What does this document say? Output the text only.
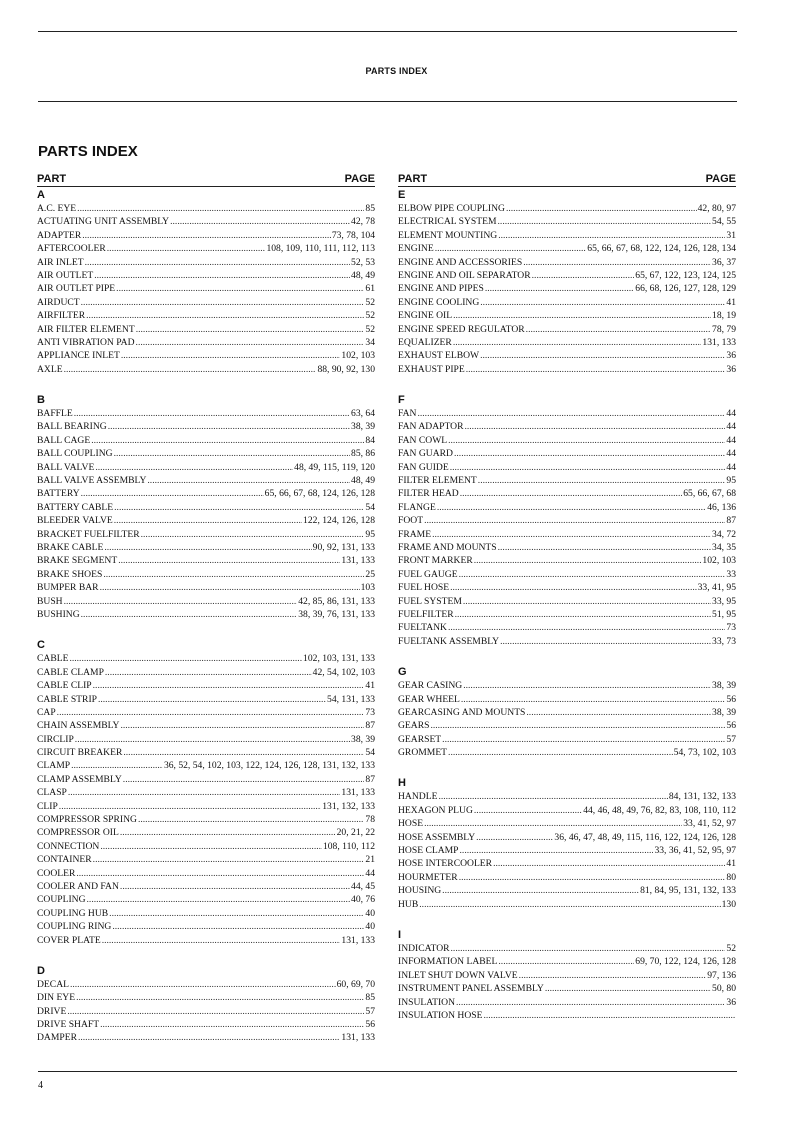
PARTS INDEX
PARTS INDEX
PART	PAGE
A
A.C. EYE .....	85
ACTUATING UNIT ASSEMBLY .....	42, 78
ADAPTER .....	73, 78, 104
AFTERCOOLER .....	108, 109, 110, 111, 112, 113
AIR INLET .....	52, 53
AIR OUTLET .....	48, 49
AIR OUTLET PIPE .....	61
AIRDUCT .....	52
AIRFILTER .....	52
AIR FILTER ELEMENT .....	52
ANTI VIBRATION PAD .....	34
APPLIANCE INLET .....	102, 103
AXLE .....	88, 90, 92, 130
B
BAFFLE .....	63, 64
BALL BEARING .....	38, 39
BALL CAGE .....	84
BALL COUPLING .....	85, 86
BALL VALVE .....	48, 49, 115, 119, 120
BALL VALVE ASSEMBLY .....	48, 49
BATTERY .....	65, 66, 67, 68, 124, 126, 128
BATTERY CABLE .....	54
BLEEDER VALVE .....	122, 124, 126, 128
BRACKET FUELFILTER .....	95
BRAKE CABLE .....	90, 92, 131, 133
BRAKE SEGMENT .....	131, 133
BRAKE SHOES .....	25
BUMPER BAR .....	103
BUSH .....	42, 85, 86, 131, 133
BUSHING .....	38, 39, 76, 131, 133
C
CABLE .....	102, 103, 131, 133
CABLE CLAMP .....	42, 54, 102, 103
CABLE CLIP .....	41
CABLE STRIP .....	54, 131, 133
CAP .....	73
CHAIN ASSEMBLY .....	87
CIRCLIP .....	38, 39
CIRCUIT BREAKER .....	54
CLAMP .....	36, 52, 54, 102, 103, 122, 124, 126, 128, 131, 132, 133
CLAMP ASSEMBLY .....	87
CLASP .....	131, 133
CLIP .....	131, 132, 133
COMPRESSOR SPRING .....	78
COMPRESSOR OIL .....	20, 21, 22
CONNECTION .....	108, 110, 112
CONTAINER .....	21
COOLER .....	44
COOLER AND FAN .....	44, 45
COUPLING .....	40, 76
COUPLING HUB .....	40
COUPLING RING .....	40
COVER PLATE .....	131, 133
D
DECAL .....	60, 69, 70
DIN EYE .....	85
DRIVE .....	57
DRIVE SHAFT .....	56
DAMPER .....	131, 133
PART	PAGE
E
ELBOW PIPE COUPLING .....	42, 80, 97
ELECTRICAL SYSTEM .....	54, 55
ELEMENT MOUNTING .....	31
ENGINE .....	65, 66, 67, 68, 122, 124, 126, 128, 134
ENGINE AND ACCESSORIES .....	36, 37
ENGINE AND OIL SEPARATOR .....	65, 67, 122, 123, 124, 125
ENGINE AND PIPES .....	66, 68, 126, 127, 128, 129
ENGINE COOLING .....	41
ENGINE OIL .....	18, 19
ENGINE SPEED REGULATOR .....	78, 79
EQUALIZER .....	131, 133
EXHAUST ELBOW .....	36
EXHAUST PIPE .....	36
F
FAN .....	44
FAN ADAPTOR .....	44
FAN COWL .....	44
FAN GUARD .....	44
FAN GUIDE .....	44
FILTER ELEMENT .....	95
FILTER HEAD .....	65, 66, 67, 68
FLANGE .....	46, 136
FOOT .....	87
FRAME .....	34, 72
FRAME AND MOUNTS .....	34, 35
FRONT MARKER .....	102, 103
FUEL GAUGE .....	33
FUEL HOSE .....	33, 41, 95
FUEL SYSTEM .....	33, 95
FUELFILTER .....	51, 95
FUELTANK .....	73
FUELTANK ASSEMBLY .....	33, 73
G
GEAR CASING .....	38, 39
GEAR WHEEL .....	56
GEARCASING AND MOUNTS .....	38, 39
GEARS .....	56
GEARSET .....	57
GROMMET .....	54, 73, 102, 103
H
HANDLE .....	84, 131, 132, 133
HEXAGON PLUG .....	44, 46, 48, 49, 76, 82, 83, 108, 110, 112
HOSE .....	33, 41, 52, 97
HOSE ASSEMBLY .....	36, 46, 47, 48, 49, 115, 116, 122, 124, 126, 128
HOSE CLAMP .....	33, 36, 41, 52, 95, 97
HOSE INTERCOOLER .....	41
HOURMETER .....	80
HOUSING .....	81, 84, 95, 131, 132, 133
HUB .....	130
I
INDICATOR .....	52
INFORMATION LABEL .....	69, 70, 122, 124, 126, 128
INLET SHUT DOWN VALVE .....	97, 136
INSTRUMENT PANEL ASSEMBLY .....	50, 80
INSULATION .....	36
INSULATION HOSE
.....
4
